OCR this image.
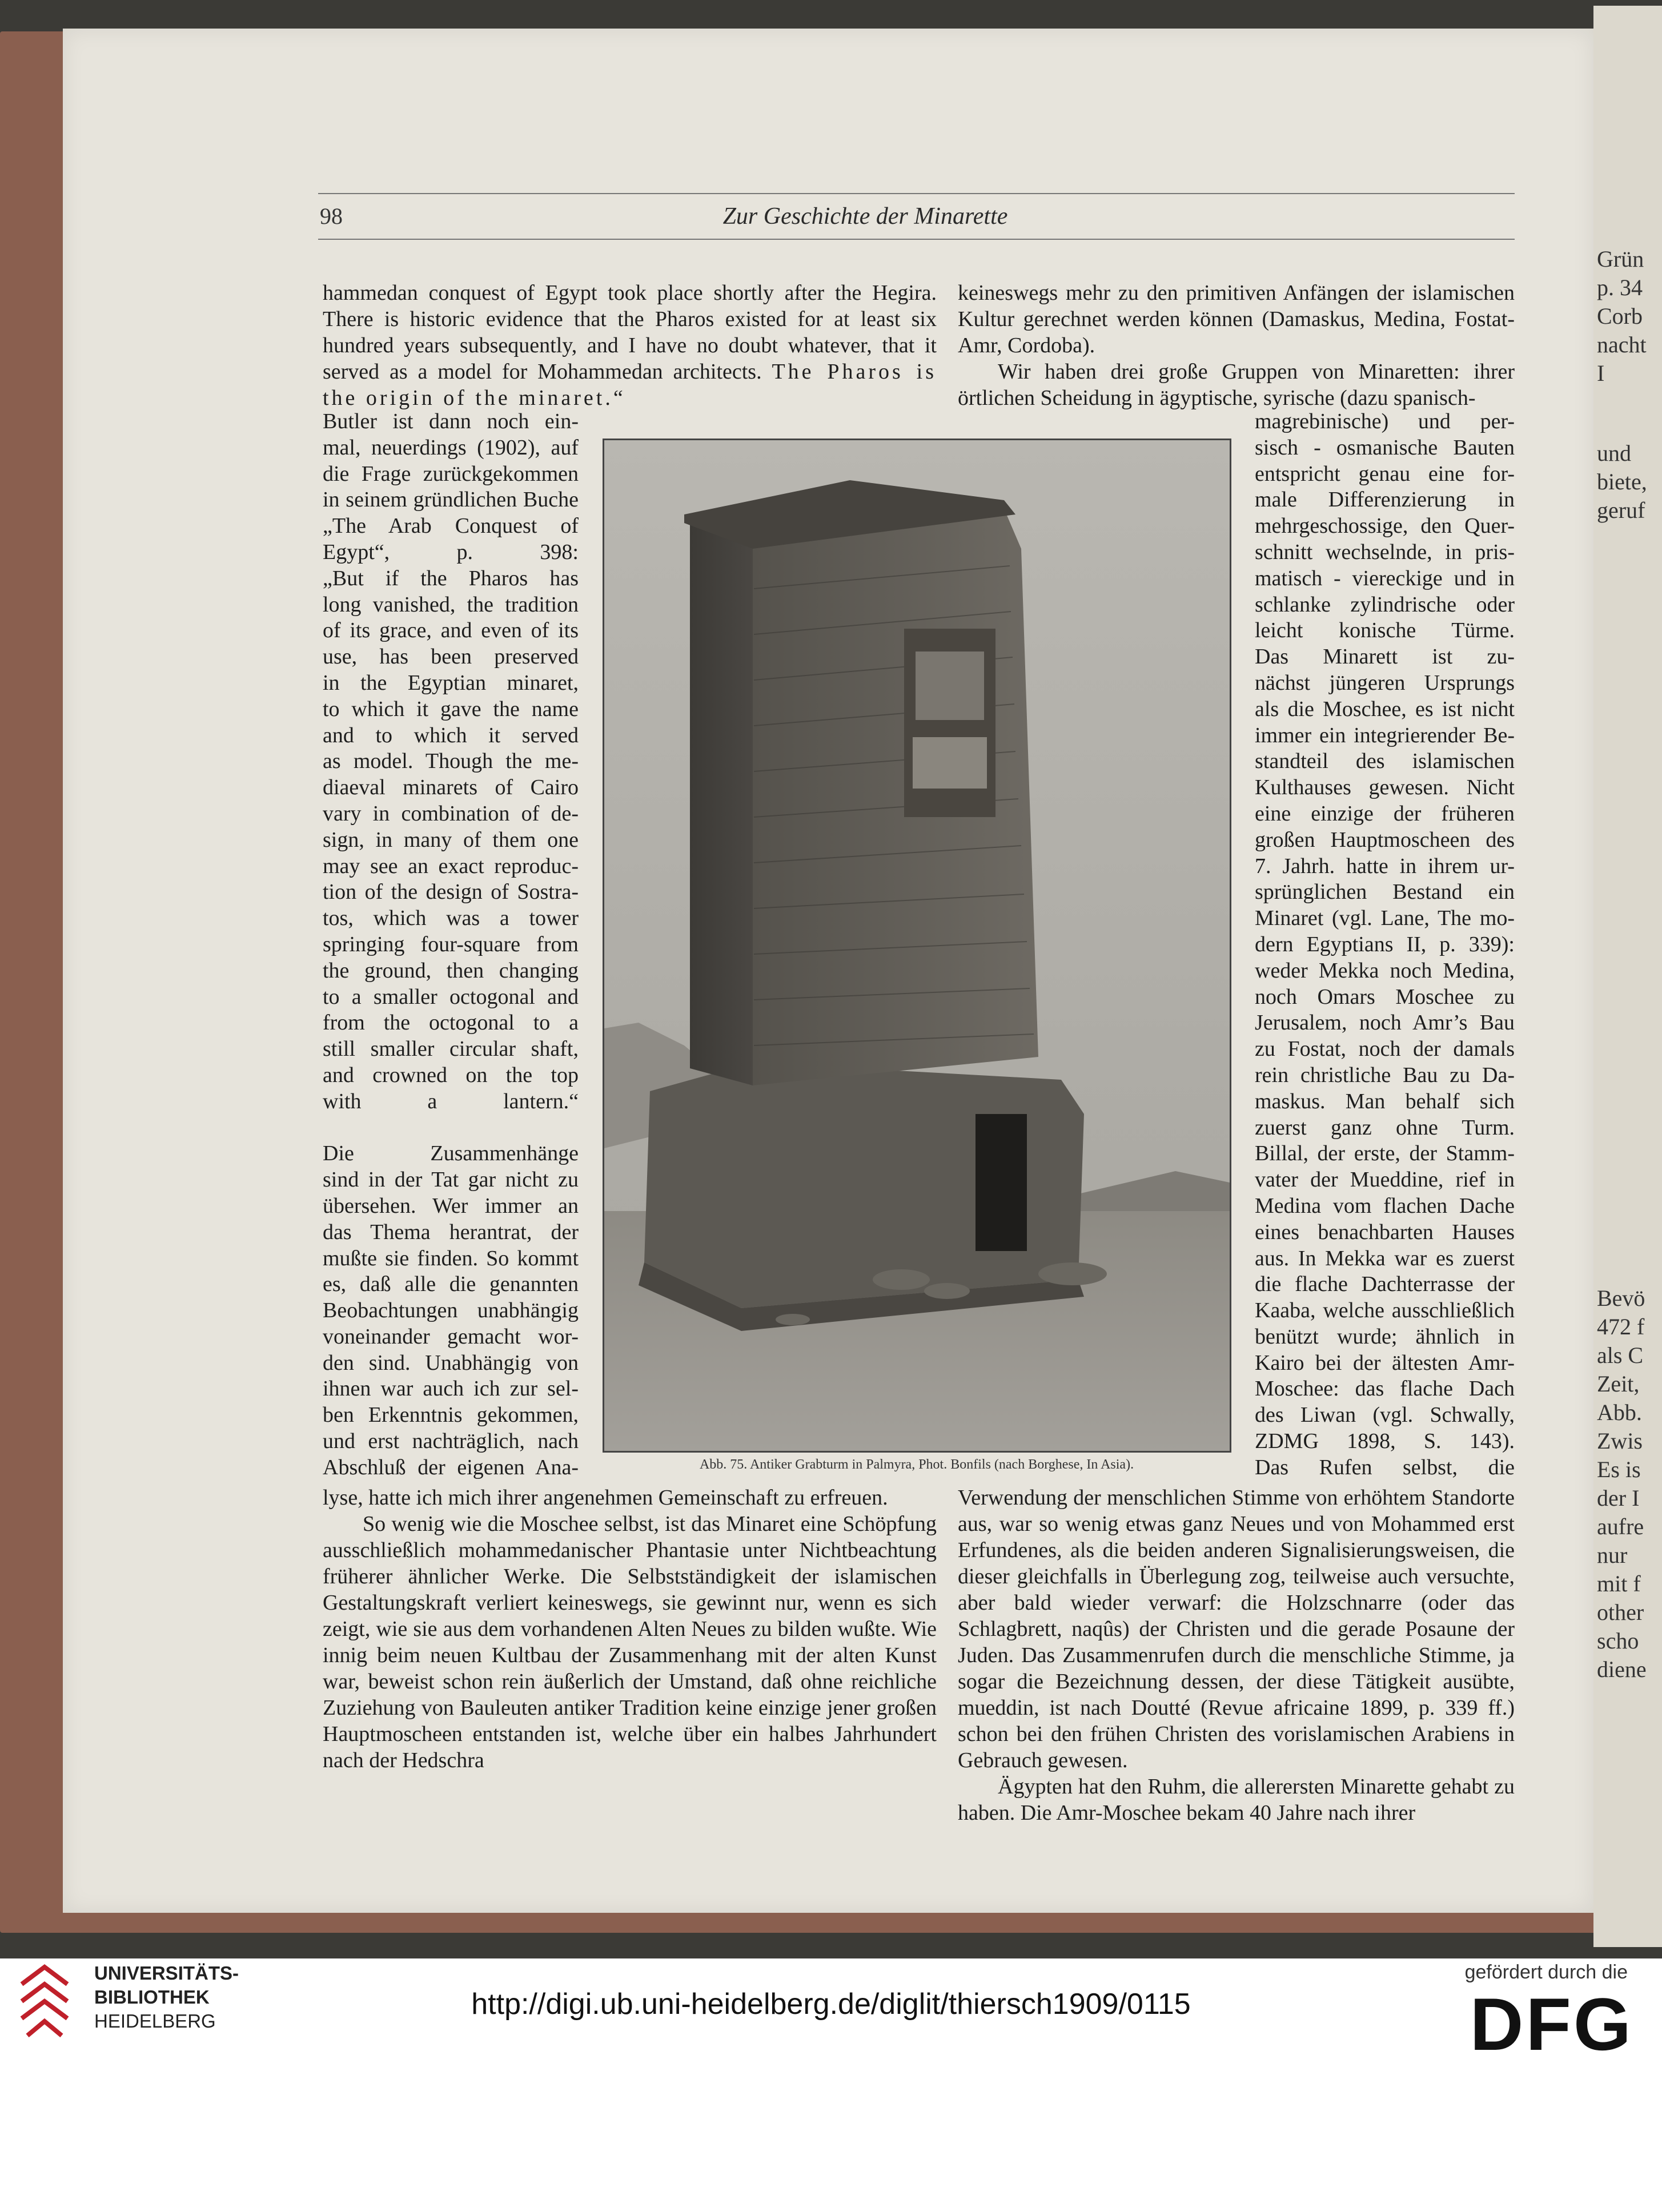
98	Zur Geschichte der Minarette
hammedan conquest of Egypt took place shortly after the Hegira. There is historic evidence that the Pharos existed for at least six hundred years subsequently, and I have no doubt whatever, that it served as a model for Mohammedan architects. The Pharos is the origin of the minaret.“
Butler ist dann noch ein-
mal, neuerdings (1902), auf
die Frage zurückgekommen
in seinem gründlichen Buche
„The Arab Conquest of
Egypt“, p. 398:
„But if the Pharos has
long vanished, the tradition
of its grace, and even of its
use, has been preserved
in the Egyptian minaret,
to which it gave the name
and to which it served
as model. Though the me-
diaeval minarets of Cairo
vary in combination of de-
sign, in many of them one
may see an exact reproduc-
tion of the design of Sostra-
tos, which was a tower
springing four-square from
the ground, then changing
to a smaller octogonal and
from the octogonal to a
still smaller circular shaft,
and crowned on the top
with a lantern.“

Die Zusammenhänge
sind in der Tat gar nicht zu
übersehen. Wer immer an
das Thema herantrat, der
mußte sie finden. So kommt
es, daß alle die genannten
Beobachtungen unabhängig
voneinander gemacht wor-
den sind. Unabhängig von
ihnen war auch ich zur sel-
ben Erkenntnis gekommen,
und erst nachträglich, nach
Abschluß der eigenen Ana-

lyse, hatte ich mich ihrer angenehmen Gemeinschaft zu erfreuen.

So wenig wie die Moschee selbst, ist das Minaret eine Schöpfung ausschließlich mohammedanischer Phantasie unter Nichtbeachtung früherer ähnlicher Werke. Die Selbstständigkeit der islamischen Gestaltungskraft verliert keineswegs, sie gewinnt nur, wenn es sich zeigt, wie sie aus dem vorhandenen Alten Neues zu bilden wußte. Wie innig beim neuen Kultbau der Zusammenhang mit der alten Kunst war, beweist schon rein äußerlich der Umstand, daß ohne reichliche Zuziehung von Bauleuten antiker Tradition keine einzige jener großen Hauptmoscheen entstanden ist, welche über ein halbes Jahrhundert nach der Hedschra

keineswegs mehr zu den primitiven Anfängen der islamischen Kultur gerechnet werden können (Damaskus, Medina, Fostat-Amr, Cordoba).

Wir haben drei große Gruppen von Minaretten: ihrer örtlichen Scheidung in ägyptische, syrische (dazu spanisch-

magrebinische) und per-
sisch - osmanische Bauten
entspricht genau eine for-
male Differenzierung in
mehrgeschossige, den Quer-
schnitt wechselnde, in pris-
matisch - viereckige und in
schlanke zylindrische oder
leicht konische Türme.
Das Minarett ist zu-
nächst jüngeren Ursprungs
als die Moschee, es ist nicht
immer ein integrierender Be-
standteil des islamischen
Kulthauses gewesen. Nicht
eine einzige der früheren
großen Hauptmoscheen des
7. Jahrh. hatte in ihrem ur-
sprünglichen Bestand ein
Minaret (vgl. Lane, The mo-
dern Egyptians II, p. 339):
weder Mekka noch Medina,
noch Omars Moschee zu
Jerusalem, noch Amr’s Bau
zu Fostat, noch der damals
rein christliche Bau zu Da-
maskus. Man behalf sich
zuerst ganz ohne Turm.
Billal, der erste, der Stamm-
vater der Mueddine, rief in
Medina vom flachen Dache
eines benachbarten Hauses
aus. In Mekka war es zuerst
die flache Dachterrasse der
Kaaba, welche ausschließlich
benützt wurde; ähnlich in
Kairo bei der ältesten Amr-
Moschee: das flache Dach
des Liwan (vgl. Schwally,
ZDMG 1898, S. 143).
Das Rufen selbst, die

Verwendung der menschlichen Stimme von erhöhtem Standorte aus, war so wenig etwas ganz Neues und von Mohammed erst Erfundenes, als die beiden anderen Signalisierungsweisen, die dieser gleichfalls in Überlegung zog, teilweise auch versuchte, aber bald wieder verwarf: die Holzschnarre (oder das Schlagbrett, naqûs) der Christen und die gerade Posaune der Juden. Das Zusammenrufen durch die menschliche Stimme, ja sogar die Bezeichnung dessen, der diese Tätigkeit ausübte, mueddin, ist nach Doutté (Revue africaine 1899, p. 339 ff.) schon bei den frühen Christen des vorislamischen Arabiens in Gebrauch gewesen.

Ägypten hat den Ruhm, die allerersten Minarette gehabt zu haben. Die Amr-Moschee bekam 40 Jahre nach ihrer

Abb. 75. Antiker Grabturm in Palmyra, Phot. Bonfils (nach Borghese, In Asia).
Grün
p. 34
Corb
nacht
I
und
biete,
geruf
Bevö
472 f
als C
Zeit,
Abb.
Zwis
Es is
der I
aufre
nur
mit f
other
scho
diene
UNIVERSITÄTS-
BIBLIOTHEK
HEIDELBERG
http://digi.ub.uni-heidelberg.de/diglit/thiersch1909/0115
gefördert durch die
DFG
